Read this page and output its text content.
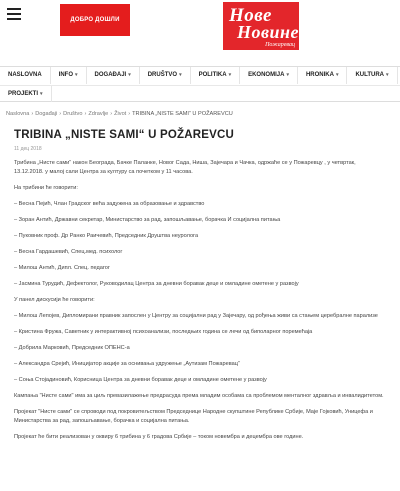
ДОБРО ДОШЛИ	Нове
Новине
Пожаревац
NASLOVNA	INFO ▾	DOGAĐAJI ▾	DRUŠTVO ▾	POLITIKA ▾	EKONOMIJA ▾	HRONIKA ▾	KULTURA ▾
PROJEKTI ▾
Naslovna › Događaji › Društvo › Zdravlje › Život › TRIBINA „NISTE SAMI“ U POŽAREVCU
TRIBINA „NISTE SAMI“ U POŽAREVCU
11 дец 2018

Трибина „Нисте сами“ након Београда, Бачке Паланке, Новог Сада, Ниша, Зајечара и Чачка, одржаће се у Пожаревцу , у четвртак, 13.12.2018. у малој сали Центра за културу са почетком у 11 часова.

На трибини ће говорити:

– Весна Пејић, Члан Градског већа задужена за образовање и здравство

– Зоран Антић, Државни секретар, Министарство за рад, запошљавање, борачка И социјална питања

– Пуковник проф. Др Ранко Раичевић, Председник Друштва неуролога

– Весна Гардашевић, Спец.мед. психолог

– Милош Антић, Дипл. Спец. педагог

– Јасмина Турудић, Дефектолог, Руководилац Центра за дневни боравак деце и омладине ометене у развоју

У панел дискусији ће говорити:

– Милош Лепојев, Дипломирани правник запослен у Центру за социјални рад у Зајечару, од рођења живи са стањем церебралне парализе

– Кристина Фружа, Саветник у интерактивној психоанализи, последњих година се лечи од биполарног поремећаја

– Добрила Марковић, Председник ОПЕНС-а

– Александра Срејић, Иницијатор акције за оснивања удружење „Аутизам Пожаревац“

– Соња Стојадиновић, Корисница Центра за дневни боравак деце и омладине ометене у развоју

Кампања "Нисте сами" има за циљ превазилажење предрасуда према младим особама са проблемом менталног здравља и инвалидитетом.

Пројекат "Нисте сами" се спроводи под покровитељством Председнице Народне скупштине Републике Србије, Маје Гојковић, Уницефа и Министарства за рад, запошљавање, борачка и социјална питања.

Пројекат ће бити реализован у оквиру 6 трибина у 6 градова Србије – током новембра и децембра ове године.
